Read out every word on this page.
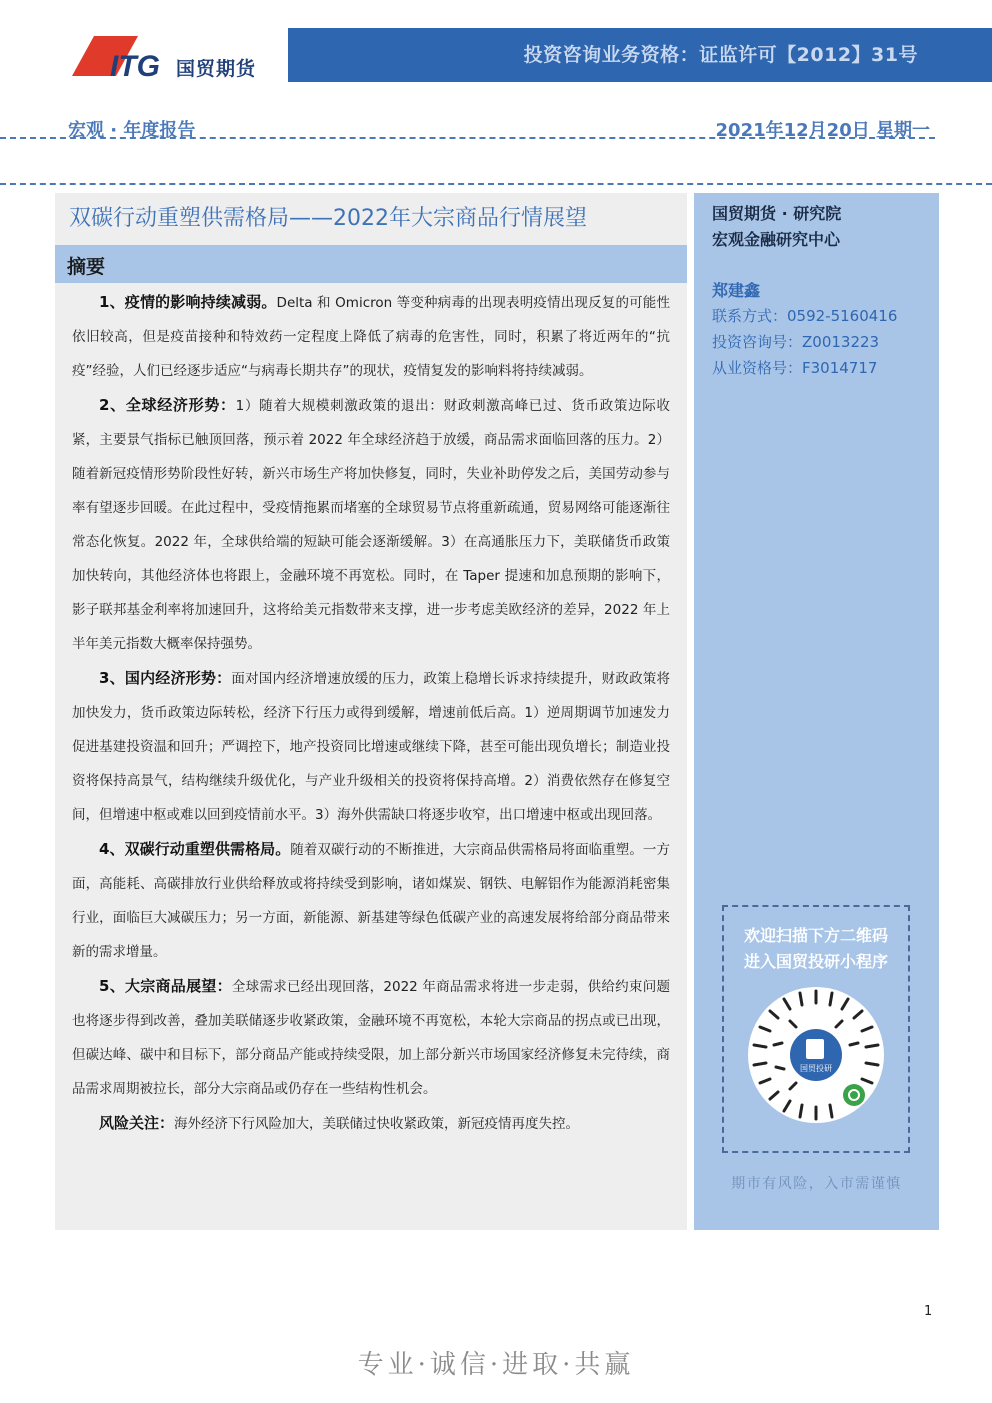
投资咨询业务资格：证监许可【2012】31号
ITG 国贸期货
宏观 · 年度报告	2021年12月20日 星期一
双碳行动重塑供需格局——2022年大宗商品行情展望
摘要

1、疫情的影响持续减弱。Delta 和 Omicron 等变种病毒的出现表明疫情出现反复的可能性依旧较高，但是疫苗接种和特效药一定程度上降低了病毒的危害性，同时，积累了将近两年的“抗疫”经验，人们已经逐步适应“与病毒长期共存”的现状，疫情复发的影响料将持续减弱。

2、全球经济形势：1）随着大规模刺激政策的退出：财政刺激高峰已过、货币政策边际收紧，主要景气指标已触顶回落，预示着 2022 年全球经济趋于放缓，商品需求面临回落的压力。2）随着新冠疫情形势阶段性好转，新兴市场生产将加快修复，同时，失业补助停发之后，美国劳动参与率有望逐步回暖。在此过程中，受疫情拖累而堵塞的全球贸易节点将重新疏通，贸易网络可能逐渐往常态化恢复。2022 年，全球供给端的短缺可能会逐渐缓解。3）在高通胀压力下，美联储货币政策加快转向，其他经济体也将跟上，金融环境不再宽松。同时，在 Taper 提速和加息预期的影响下，影子联邦基金利率将加速回升，这将给美元指数带来支撑，进一步考虑美欧经济的差异，2022 年上半年美元指数大概率保持强势。

3、国内经济形势：面对国内经济增速放缓的压力，政策上稳增长诉求持续提升，财政政策将加快发力，货币政策边际转松，经济下行压力或得到缓解，增速前低后高。1）逆周期调节加速发力促进基建投资温和回升；严调控下，地产投资同比增速或继续下降，甚至可能出现负增长；制造业投资将保持高景气，结构继续升级优化，与产业升级相关的投资将保持高增。2）消费依然存在修复空间，但增速中枢或难以回到疫情前水平。3）海外供需缺口将逐步收窄，出口增速中枢或出现回落。

4、双碳行动重塑供需格局。随着双碳行动的不断推进，大宗商品供需格局将面临重塑。一方面，高能耗、高碳排放行业供给释放或将持续受到影响，诸如煤炭、钢铁、电解铝作为能源消耗密集行业，面临巨大减碳压力；另一方面，新能源、新基建等绿色低碳产业的高速发展将给部分商品带来新的需求增量。

5、大宗商品展望：全球需求已经出现回落，2022 年商品需求将进一步走弱，供给约束问题也将逐步得到改善，叠加美联储逐步收紧政策，金融环境不再宽松，本轮大宗商品的拐点或已出现，但碳达峰、碳中和目标下，部分商品产能或持续受限，加上部分新兴市场国家经济修复未完待续，商品需求周期被拉长，部分大宗商品或仍存在一些结构性机会。

风险关注：海外经济下行风险加大，美联储过快收紧政策，新冠疫情再度失控。

国贸期货 · 研究院
宏观金融研究中心
郑建鑫
联系方式：0592-5160416
投资咨询号：Z0013223
从业资格号：F3014717
欢迎扫描下方二维码
进入国贸投研小程序
国贸投研
期市有风险，入市需谨慎
1
专业·诚信·进取·共赢
